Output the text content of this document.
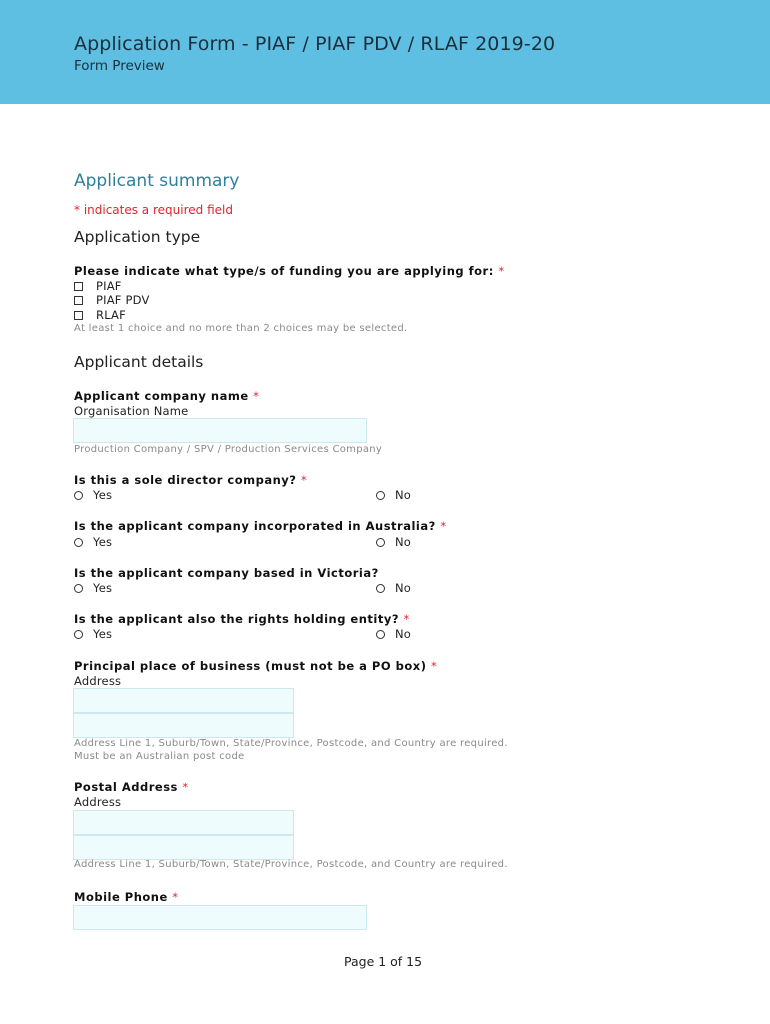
Application Form - PIAF / PIAF PDV / RLAF 2019-20
Form Preview
Applicant summary
* indicates a required field
Application type
Please indicate what type/s of funding you are applying for: *
PIAF
PIAF PDV
RLAF
At least 1 choice and no more than 2 choices may be selected.
Applicant details
Applicant company name *
Organisation Name
Production Company / SPV / Production Services Company
Is this a sole director company? *
Yes	No
Is the applicant company incorporated in Australia? *
Yes	No
Is the applicant company based in Victoria?
Yes	No
Is the applicant also the rights holding entity? *
Yes	No
Principal place of business (must not be a PO box) *
Address
Address Line 1, Suburb/Town, State/Province, Postcode, and Country are required.
Must be an Australian post code
Postal Address *
Address
Address Line 1, Suburb/Town, State/Province, Postcode, and Country are required.
Mobile Phone *
Page 1 of 15
